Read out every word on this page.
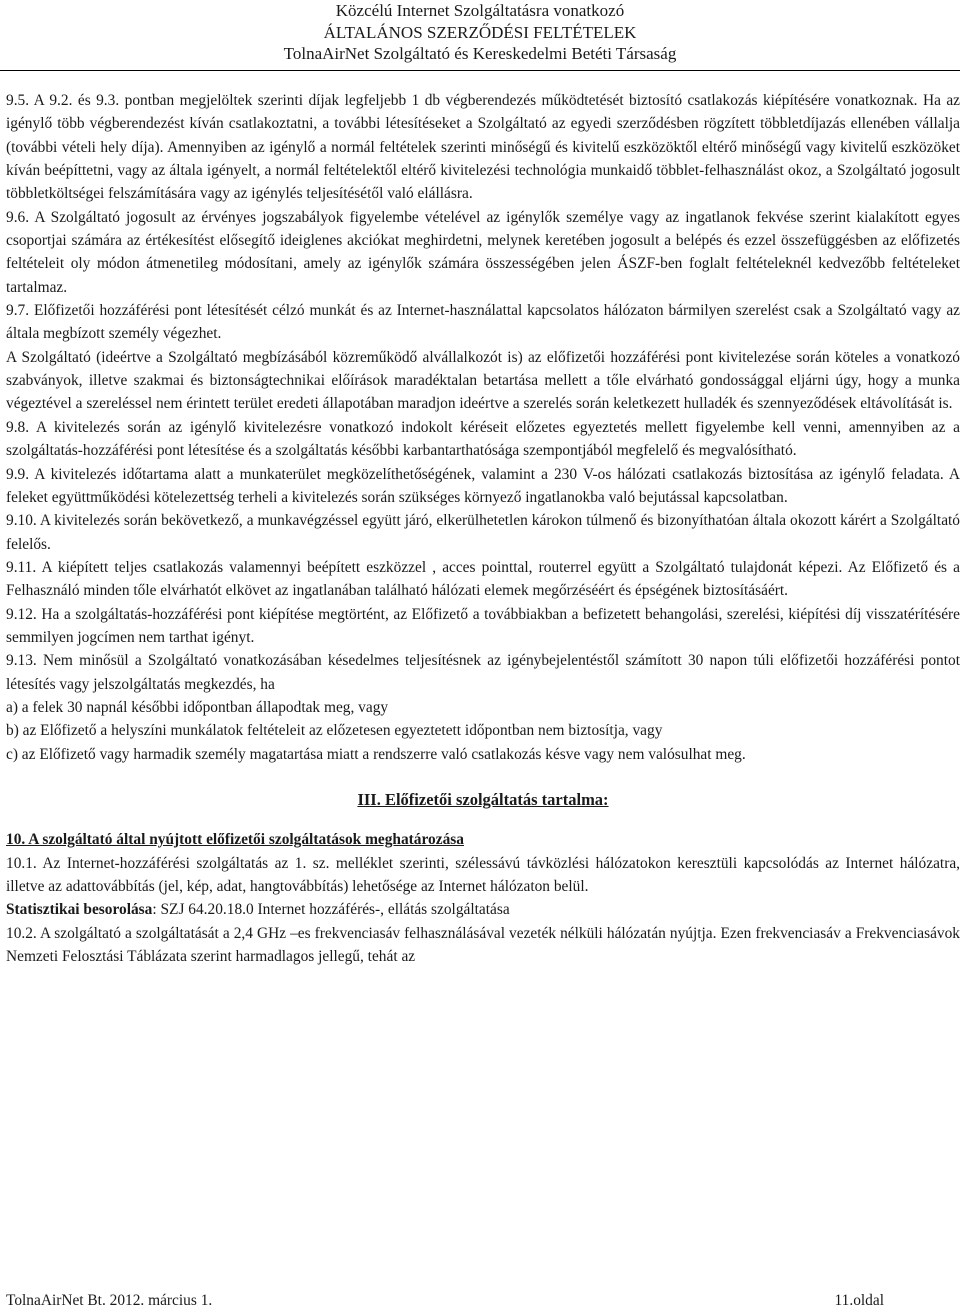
Közcélú Internet Szolgáltatásra vonatkozó
ÁLTALÁNOS SZERZŐDÉSI FELTÉTELEK
TolnaAirNet Szolgáltató és Kereskedelmi Betéti Társaság

9.5. A 9.2. és 9.3. pontban megjelöltek szerinti díjak legfeljebb 1 db végberendezés működtetését biztosító csatlakozás kiépítésére vonatkoznak. Ha az igénylő több végberendezést kíván csatlakoztatni, a további létesítéseket a Szolgáltató az egyedi szerződésben rögzített többletdíjazás ellenében vállalja (további vételi hely díja). Amennyiben az igénylő a normál feltételek szerinti minőségű és kivitelű eszközöktől eltérő minőségű vagy kivitelű eszközöket kíván beépíttetni, vagy az általa igényelt, a normál feltételektől eltérő kivitelezési technológia munkaidő többlet-felhasználást okoz, a Szolgáltató jogosult többletköltségei felszámítására vagy az igénylés teljesítésétől való elállásra.

9.6. A Szolgáltató jogosult az érvényes jogszabályok figyelembe vételével az igénylők személye vagy az ingatlanok fekvése szerint kialakított egyes csoportjai számára az értékesítést elősegítő ideiglenes akciókat meghirdetni, melynek keretében jogosult a belépés és ezzel összefüggésben az előfizetés feltételeit oly módon átmenetileg módosítani, amely az igénylők számára összességében jelen ÁSZF-ben foglalt feltételeknél kedvezőbb feltételeket tartalmaz.

9.7. Előfizetői hozzáférési pont létesítését célzó munkát és az Internet-használattal kapcsolatos hálózaton bármilyen szerelést csak a Szolgáltató vagy az általa megbízott személy végezhet.

A Szolgáltató (ideértve a Szolgáltató megbízásából közreműködő alvállalkozót is) az előfizetői hozzáférési pont kivitelezése során köteles a vonatkozó szabványok, illetve szakmai és biztonságtechnikai előírások maradéktalan betartása mellett a tőle elvárható gondossággal eljárni úgy, hogy a munka végeztével a szereléssel nem érintett terület eredeti állapotában maradjon ideértve a szerelés során keletkezett hulladék és szennyeződések eltávolítását is.

9.8. A kivitelezés során az igénylő kivitelezésre vonatkozó indokolt kéréseit előzetes egyeztetés mellett figyelembe kell venni, amennyiben az a szolgáltatás-hozzáférési pont létesítése és a szolgáltatás későbbi karbantarthatósága szempontjából megfelelő és megvalósítható.

9.9. A kivitelezés időtartama alatt a munkaterület megközelíthetőségének, valamint a 230 V-os hálózati csatlakozás biztosítása az igénylő feladata. A feleket együttműködési kötelezettség terheli a kivitelezés során szükséges környező ingatlanokba való bejutással kapcsolatban.

9.10. A kivitelezés során bekövetkező, a munkavégzéssel együtt járó, elkerülhetetlen károkon túlmenő és bizonyíthatóan általa okozott kárért a Szolgáltató felelős.

9.11. A kiépített teljes csatlakozás valamennyi beépített eszközzel , acces pointtal, routerrel együtt a Szolgáltató tulajdonát képezi. Az Előfizető és a Felhasználó minden tőle elvárhatót elkövet az ingatlanában található hálózati elemek megőrzéséért és épségének biztosításáért.

9.12. Ha a szolgáltatás-hozzáférési pont kiépítése megtörtént, az Előfizető a továbbiakban a befizetett behangolási, szerelési, kiépítési díj visszatérítésére semmilyen jogcímen nem tarthat igényt.

9.13. Nem minősül a Szolgáltató vonatkozásában késedelmes teljesítésnek az igénybejelentéstől számított 30 napon túli előfizetői hozzáférési pontot létesítés vagy jelszolgáltatás megkezdés, ha

a) a felek 30 napnál későbbi időpontban állapodtak meg, vagy

b) az Előfizető a helyszíni munkálatok feltételeit az előzetesen egyeztetett időpontban nem biztosítja, vagy

c) az Előfizető vagy harmadik személy magatartása miatt a rendszerre való csatlakozás késve vagy nem valósulhat meg.

III. Előfizetői szolgáltatás tartalma:

10. A szolgáltató által nyújtott előfizetői szolgáltatások meghatározása

10.1. Az Internet-hozzáférési szolgáltatás az 1. sz. melléklet szerinti, szélessávú távközlési hálózatokon keresztüli kapcsolódás az Internet hálózatra, illetve az adattovábbítás (jel, kép, adat, hangtovábbítás) lehetősége az Internet hálózaton belül.

Statisztikai besorolása: SZJ 64.20.18.0 Internet hozzáférés-, ellátás szolgáltatása

10.2. A szolgáltató a szolgáltatását a 2,4 GHz –es frekvenciasáv felhasználásával vezeték nélküli hálózatán nyújtja. Ezen frekvenciasáv a Frekvenciasávok Nemzeti Felosztási Táblázata szerint harmadlagos jellegű, tehát az

TolnaAirNet Bt. 2012. március 1.	11.oldal
